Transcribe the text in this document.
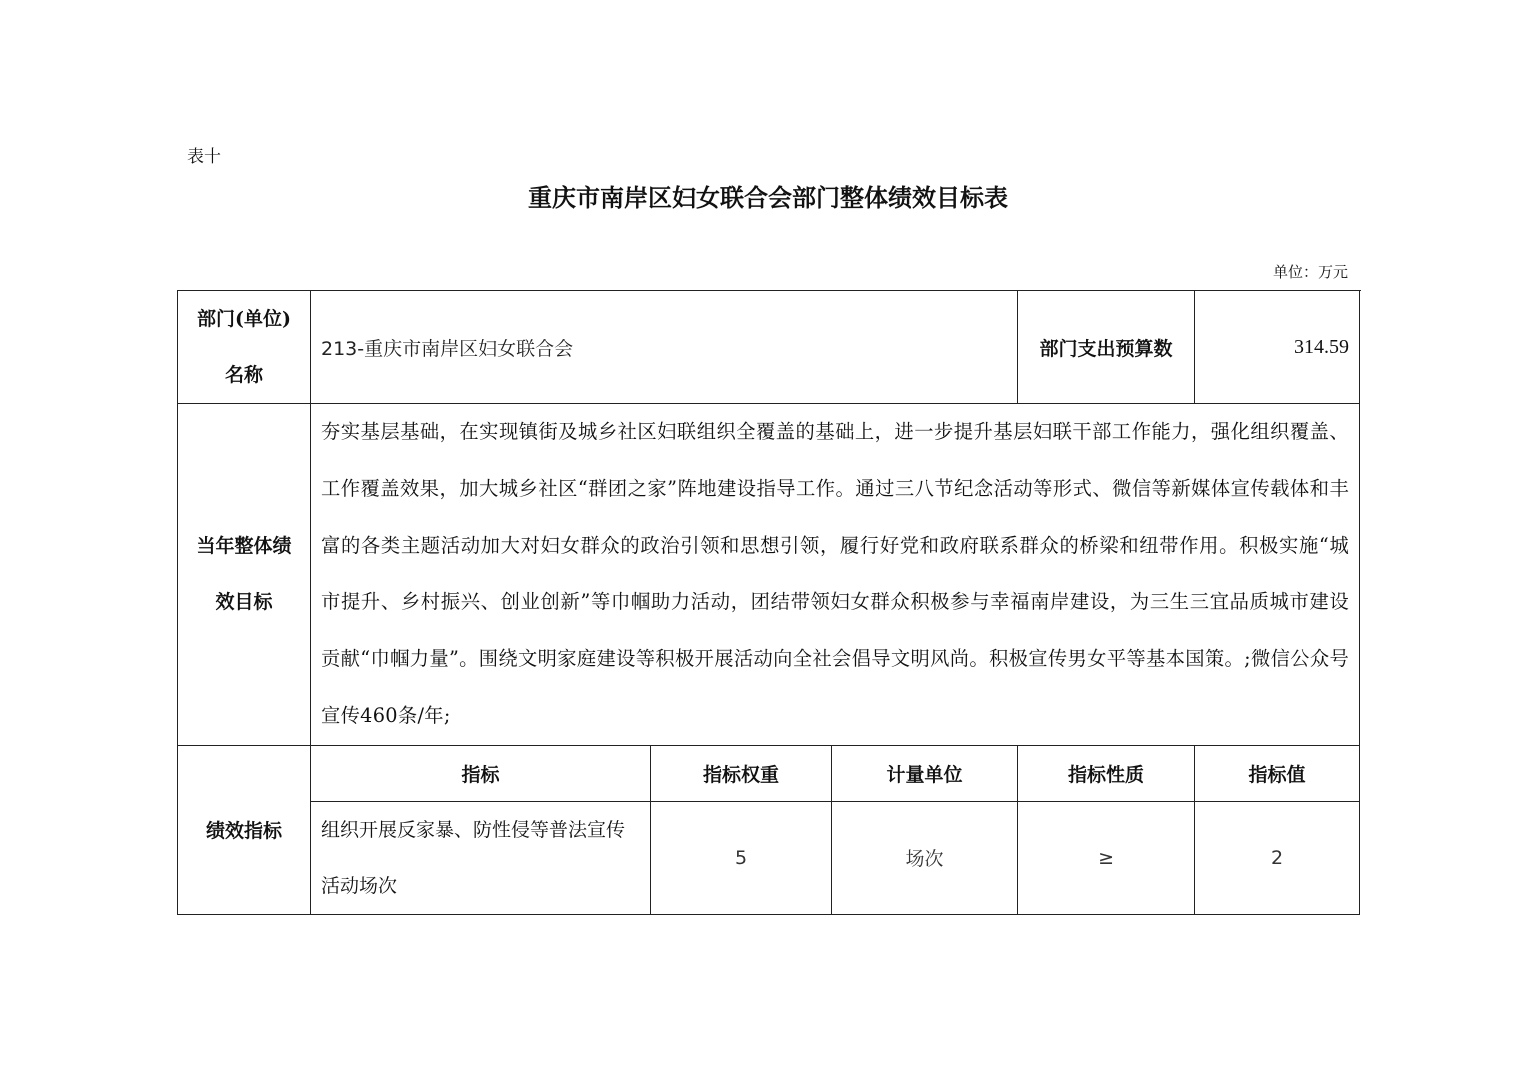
表十
重庆市南岸区妇女联合会部门整体绩效目标表
单位：万元
部门(单位)
名称	213-重庆市南岸区妇女联合会			部门支出预算数	314.59

当年整体绩
效目标	夯实基层基础，在实现镇街及城乡社区妇联组织全覆盖的基础上，进一步提升基层妇联干部工作能力，强化组织覆盖、工作覆盖效果，加大城乡社区“群团之家”阵地建设指导工作。通过三八节纪念活动等形式、微信等新媒体宣传载体和丰富的各类主题活动加大对妇女群众的政治引领和思想引领，履行好党和政府联系群众的桥梁和纽带作用。积极实施“城市提升、乡村振兴、创业创新”等巾帼助力活动，团结带领妇女群众积极参与幸福南岸建设，为三生三宜品质城市建设贡献“巾帼力量”。围绕文明家庭建设等积极开展活动向全社会倡导文明风尚。积极宣传男女平等基本国策。;微信公众号宣传460条/年;				
绩效指标	指标	指标权重	计量单位	指标性质	指标值
	组织开展反家暴、防性侵等普法宣传活动场次	5	场次	≥	2
